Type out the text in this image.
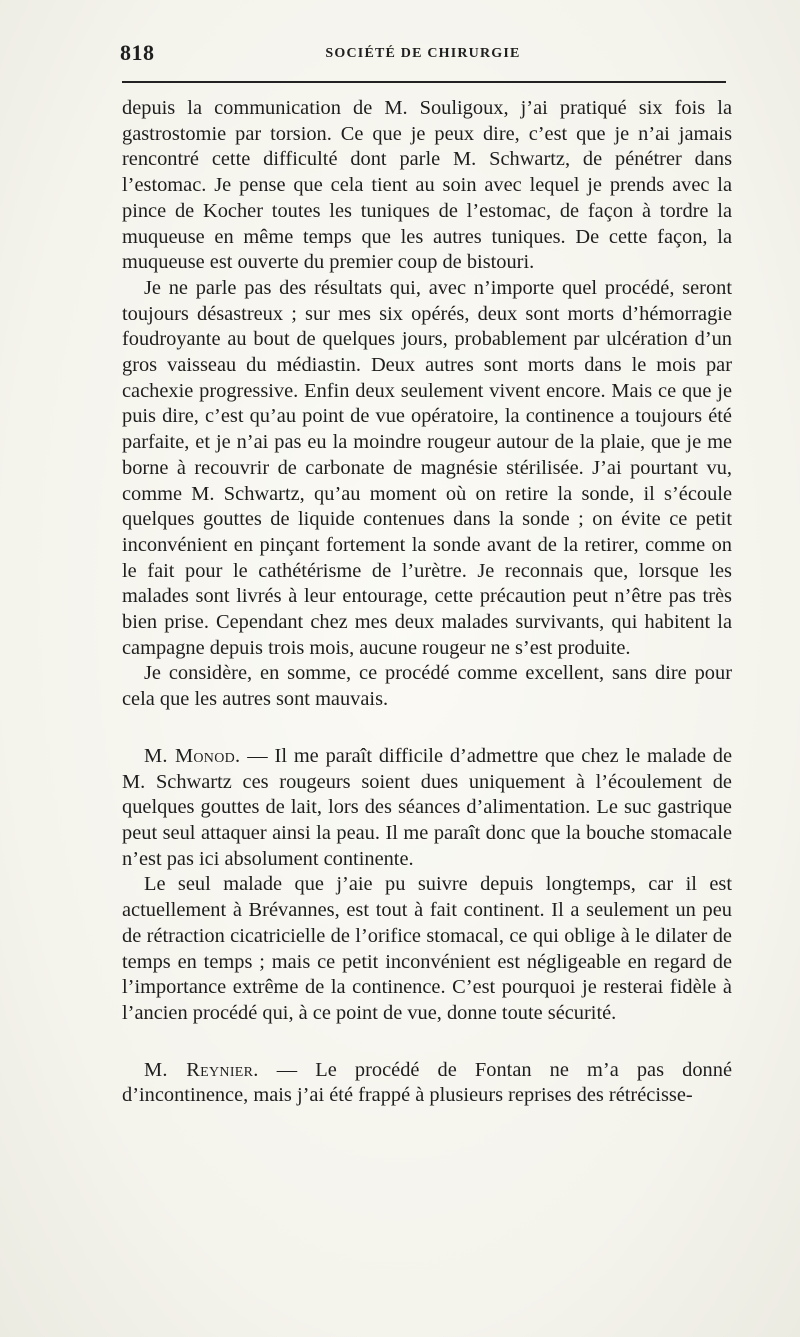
818	SOCIÉTÉ DE CHIRURGIE

depuis la communication de M. Souligoux, j’ai pratiqué six fois la gastrostomie par torsion. Ce que je peux dire, c’est que je n’ai jamais rencontré cette difficulté dont parle M. Schwartz, de pénétrer dans l’estomac. Je pense que cela tient au soin avec lequel je prends avec la pince de Kocher toutes les tuniques de l’estomac, de façon à tordre la muqueuse en même temps que les autres tuniques. De cette façon, la muqueuse est ouverte du premier coup de bistouri.

Je ne parle pas des résultats qui, avec n’importe quel procédé, seront toujours désastreux ; sur mes six opérés, deux sont morts d’hémorragie foudroyante au bout de quelques jours, probablement par ulcération d’un gros vaisseau du médiastin. Deux autres sont morts dans le mois par cachexie progressive. Enfin deux seulement vivent encore. Mais ce que je puis dire, c’est qu’au point de vue opératoire, la continence a toujours été parfaite, et je n’ai pas eu la moindre rougeur autour de la plaie, que je me borne à recouvrir de carbonate de magnésie stérilisée. J’ai pourtant vu, comme M. Schwartz, qu’au moment où on retire la sonde, il s’écoule quelques gouttes de liquide contenues dans la sonde ; on évite ce petit inconvénient en pinçant fortement la sonde avant de la retirer, comme on le fait pour le cathétérisme de l’urètre. Je reconnais que, lorsque les malades sont livrés à leur entourage, cette précaution peut n’être pas très bien prise. Cependant chez mes deux malades survivants, qui habitent la campagne depuis trois mois, aucune rougeur ne s’est produite.

Je considère, en somme, ce procédé comme excellent, sans dire pour cela que les autres sont mauvais.

M. Monod. — Il me paraît difficile d’admettre que chez le malade de M. Schwartz ces rougeurs soient dues uniquement à l’écoulement de quelques gouttes de lait, lors des séances d’alimentation. Le suc gastrique peut seul attaquer ainsi la peau. Il me paraît donc que la bouche stomacale n’est pas ici absolument continente.

Le seul malade que j’aie pu suivre depuis longtemps, car il est actuellement à Brévannes, est tout à fait continent. Il a seulement un peu de rétraction cicatricielle de l’orifice stomacal, ce qui oblige à le dilater de temps en temps ; mais ce petit inconvénient est négligeable en regard de l’importance extrême de la continence. C’est pourquoi je resterai fidèle à l’ancien procédé qui, à ce point de vue, donne toute sécurité.

M. Reynier. — Le procédé de Fontan ne m’a pas donné d’incontinence, mais j’ai été frappé à plusieurs reprises des rétrécisse-
